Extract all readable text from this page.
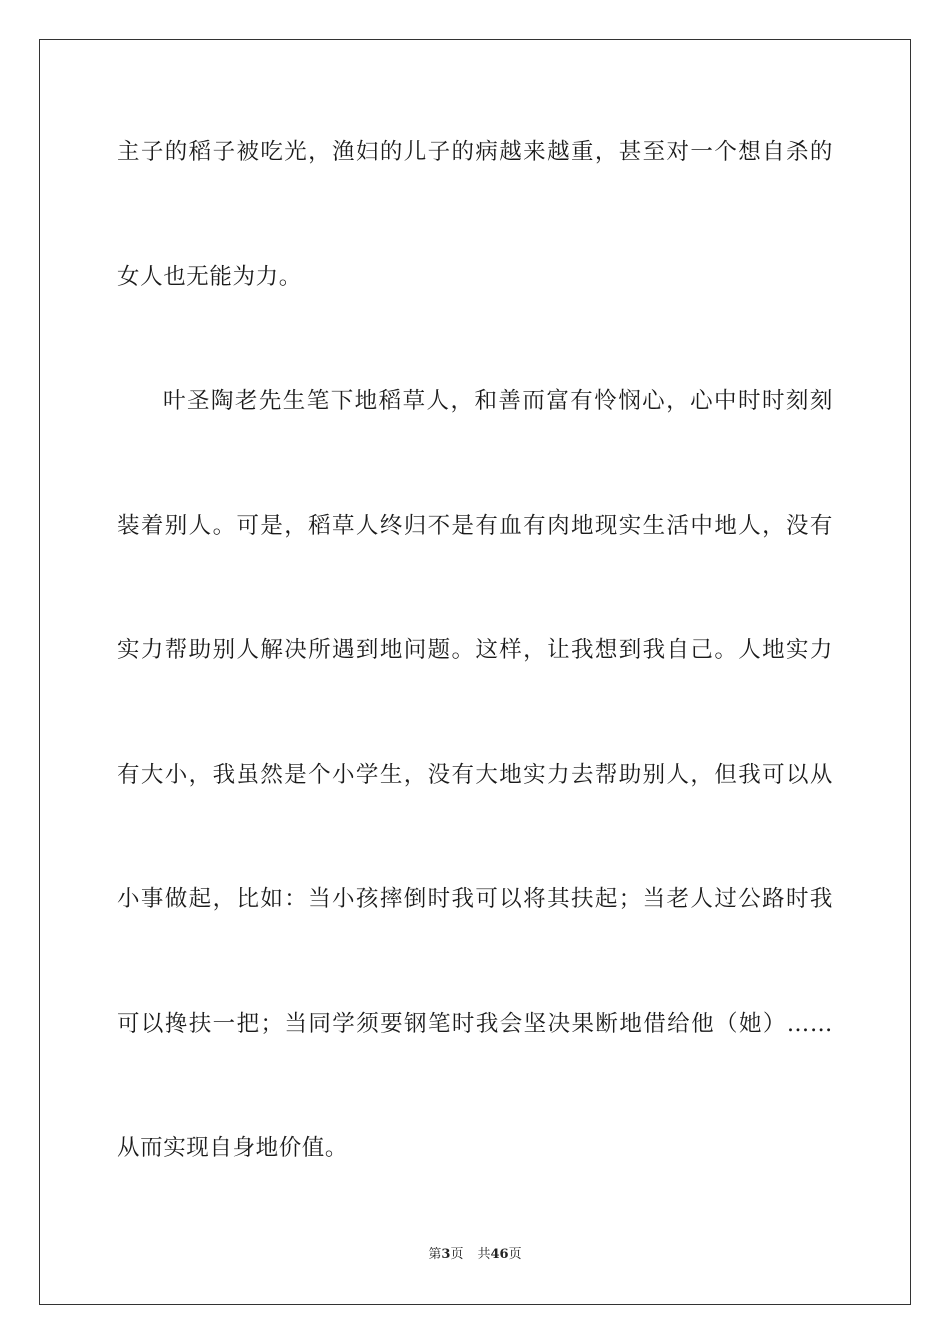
主子的稻子被吃光，渔妇的儿子的病越来越重，甚至对一个想自杀的
女人也无能为力。
叶圣陶老先生笔下地稻草人，和善而富有怜悯心，心中时时刻刻
装着别人。可是，稻草人终归不是有血有肉地现实生活中地人，没有
实力帮助别人解决所遇到地问题。这样，让我想到我自己。人地实力
有大小，我虽然是个小学生，没有大地实力去帮助别人，但我可以从
小事做起，比如：当小孩摔倒时我可以将其扶起；当老人过公路时我
可以搀扶一把；当同学须要钢笔时我会坚决果断地借给他（她）……
从而实现自身地价值。
第3页 共46页
